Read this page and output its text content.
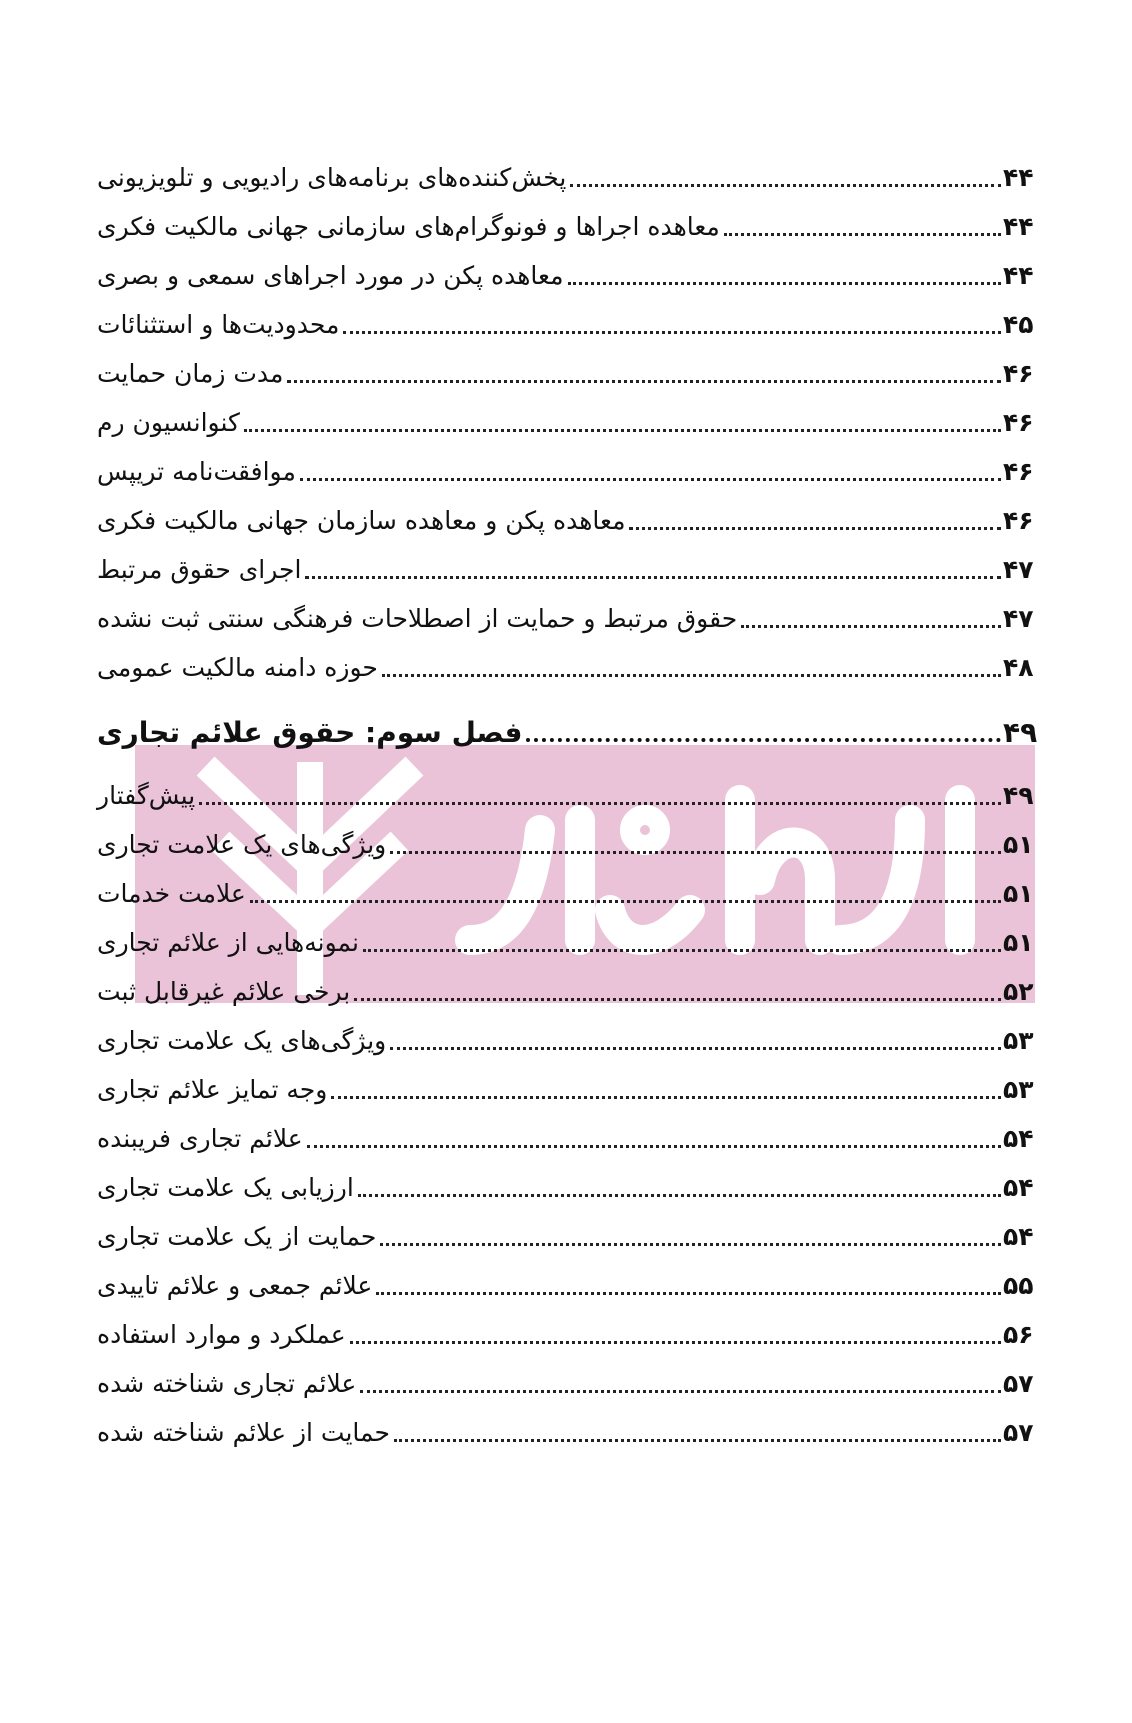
پخش‌کننده‌های برنامه‌های رادیویی و تلویزیونی	۴۴
معاهده اجراها و فونوگرام‌های سازمانی جهانی مالکیت فکری	۴۴
معاهده پکن در مورد اجراهای سمعی و بصری	۴۴
محدودیت‌ها و استثنائات	۴۵
مدت زمان حمایت	۴۶
کنوانسیون رم	۴۶
موافقت‌نامه تریپس	۴۶
معاهده پکن و معاهده سازمان جهانی مالکیت فکری	۴۶
اجرای حقوق مرتبط	۴۷
حقوق مرتبط و حمایت از اصطلاحات فرهنگی سنتی ثبت نشده	۴۷
حوزه دامنه مالکیت عمومی	۴۸
فصل سوم: حقوق علائم تجاری	۴۹
پیش‌گفتار	۴۹
ویژگی‌های یک علامت تجاری	۵۱
علامت خدمات	۵۱
نمونه‌هایی از علائم تجاری	۵۱
برخی علائم غیرقابل ثبت	۵۲
ویژگی‌های یک علامت تجاری	۵۳
وجه تمایز علائم تجاری	۵۳
علائم تجاری فریبنده	۵۴
ارزیابی یک علامت تجاری	۵۴
حمایت از یک علامت تجاری	۵۴
علائم جمعی و علائم تاییدی	۵۵
عملکرد و موارد استفاده	۵۶
علائم تجاری شناخته شده	۵۷
حمایت از علائم شناخته شده	۵۷
